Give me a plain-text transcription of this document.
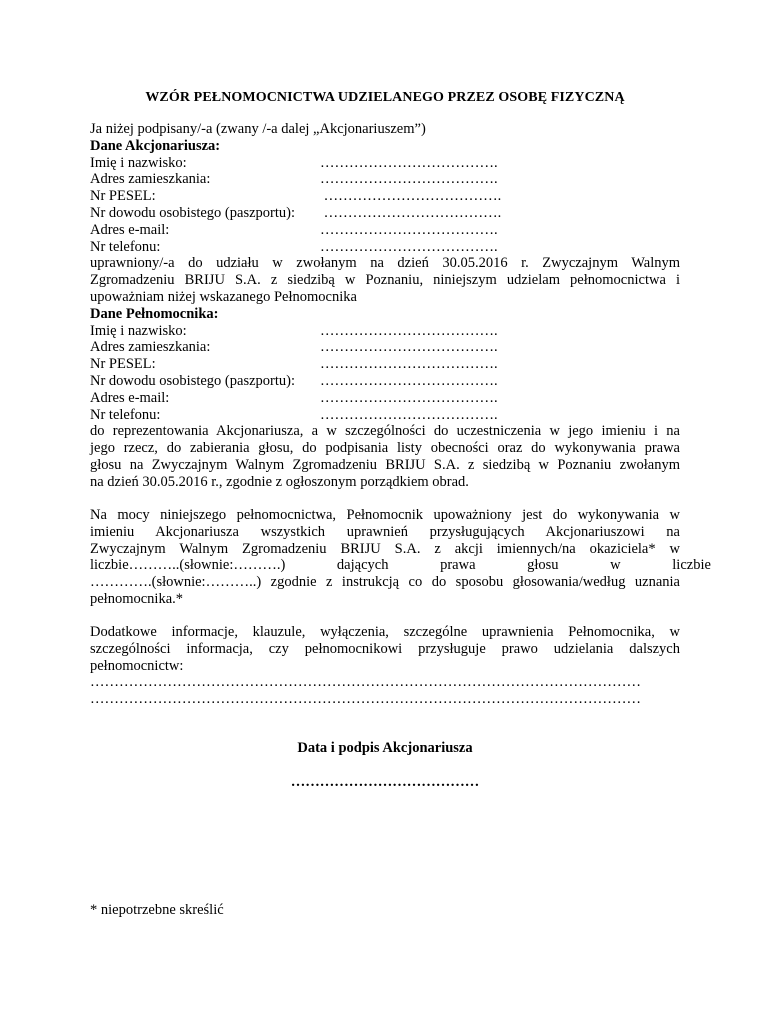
WZÓR PEŁNOMOCNICTWA UDZIELANEGO PRZEZ OSOBĘ FIZYCZNĄ
Ja niżej podpisany/-a (zwany /-a dalej „Akcjonariuszem”)
Dane Akcjonariusza:
Imię i nazwisko:	……………………………….
Adres zamieszkania:	……………………………….
Nr PESEL:	……………………………….
Nr dowodu osobistego (paszportu):	……………………………….
Adres e-mail:	……………………………….
Nr telefonu:	……………………………….
uprawniony/-a do udziału w zwołanym na dzień 30.05.2016 r. Zwyczajnym Walnym
Zgromadzeniu BRIJU S.A. z siedzibą w Poznaniu, niniejszym udzielam pełnomocnictwa i
upoważniam niżej wskazanego Pełnomocnika
Dane Pełnomocnika:
Imię i nazwisko:	……………………………….
Adres zamieszkania:	……………………………….
Nr PESEL:	……………………………….
Nr dowodu osobistego (paszportu):	……………………………….
Adres e-mail:	……………………………….
Nr telefonu:	……………………………….
do reprezentowania Akcjonariusza, a w szczególności do uczestniczenia w jego imieniu i na
jego rzecz, do zabierania głosu, do podpisania listy obecności oraz do wykonywania prawa
głosu na Zwyczajnym Walnym Zgromadzeniu BRIJU S.A. z siedzibą w Poznaniu zwołanym
na dzień 30.05.2016 r., zgodnie z ogłoszonym porządkiem obrad.
Na mocy niniejszego pełnomocnictwa, Pełnomocnik upoważniony jest do wykonywania w
imieniu Akcjonariusza wszystkich uprawnień przysługujących Akcjonariuszowi na
Zwyczajnym Walnym Zgromadzeniu BRIJU S.A. z akcji imiennych/na okaziciela* w
liczbie………..(słownie:……….) dających prawa głosu w liczbie
………….(słownie:………..) zgodnie z instrukcją co do sposobu głosowania/według uznania
pełnomocnika.*
Dodatkowe informacje, klauzule, wyłączenia, szczególne uprawnienia Pełnomocnika, w
szczególności informacja, czy pełnomocnikowi przysługuje prawo udzielania dalszych
pełnomocnictw:
……………………………………………………………………………………………………
……………………………………………………………………………………………………
Data i podpis Akcjonariusza
…………………………………
* niepotrzebne skreślić
